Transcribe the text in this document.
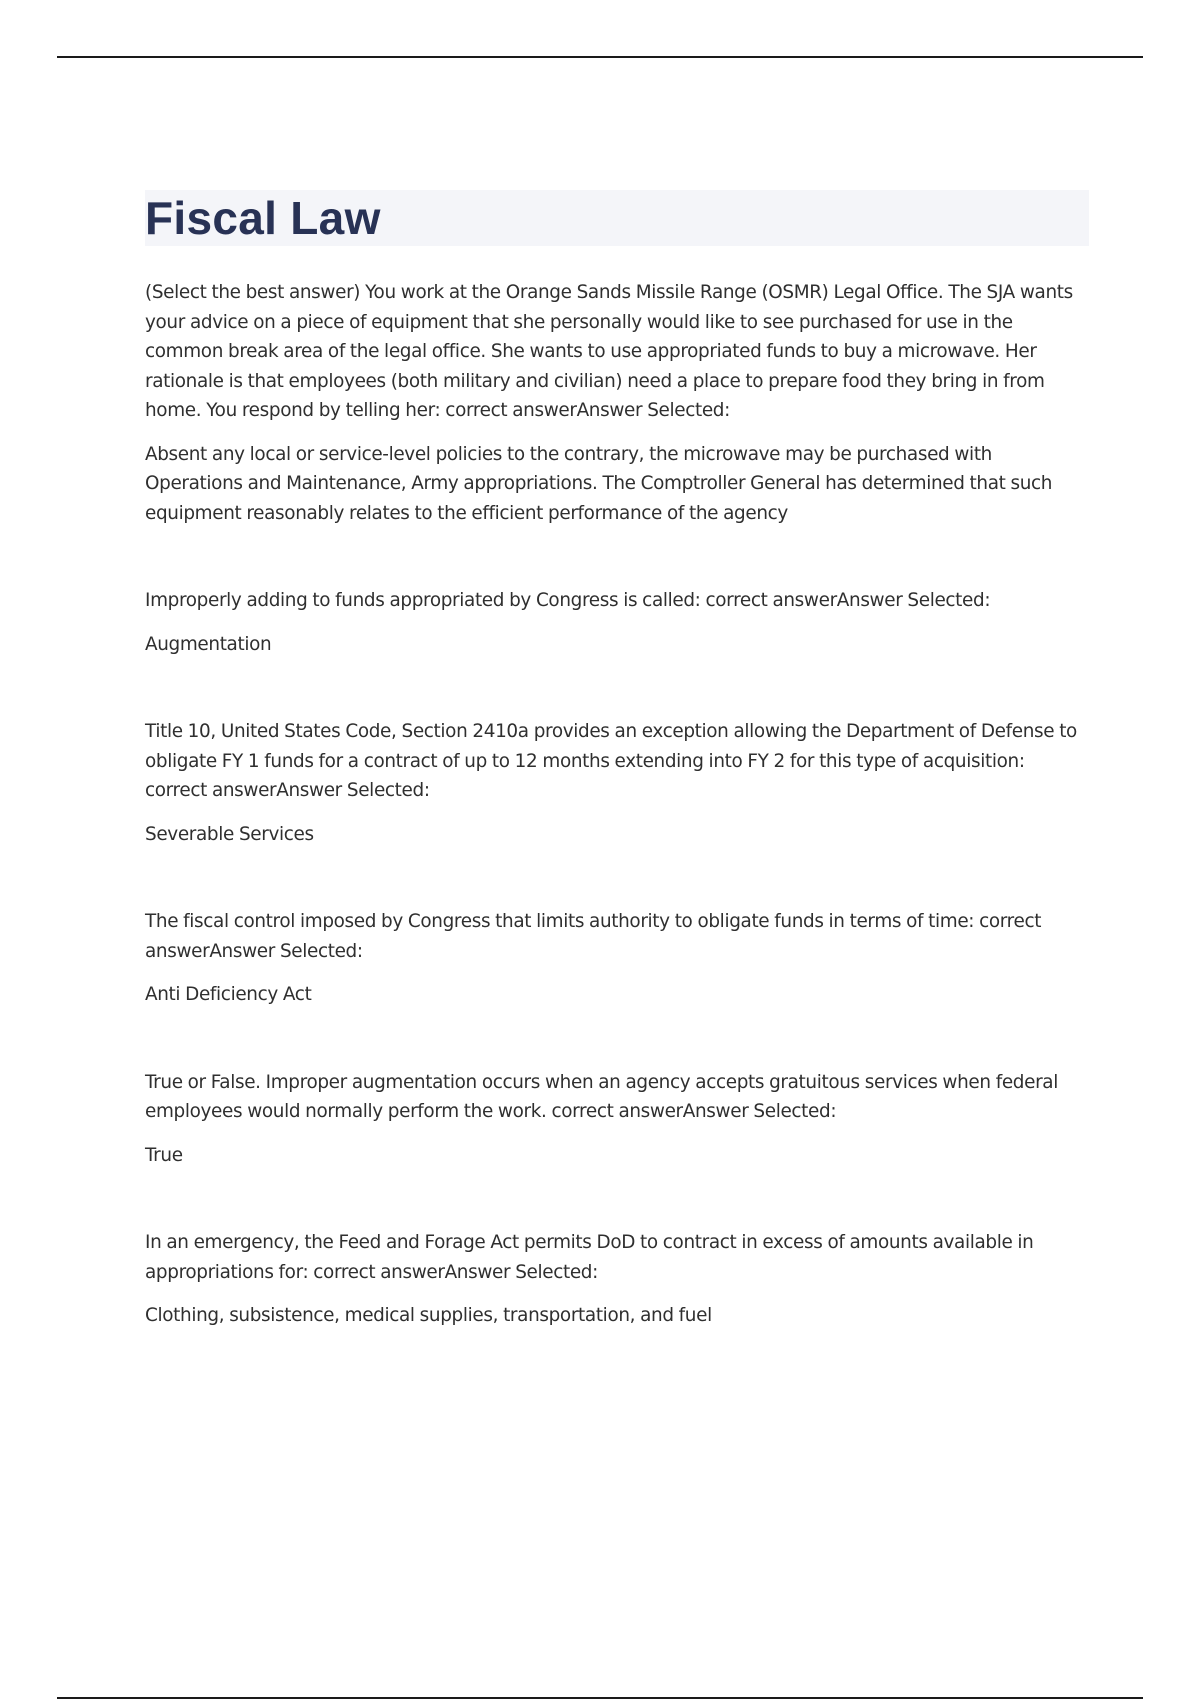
Fiscal Law

(Select the best answer) You work at the Orange Sands Missile Range (OSMR) Legal Office. The SJA wants your advice on a piece of equipment that she personally would like to see purchased for use in the common break area of the legal office. She wants to use appropriated funds to buy a microwave. Her rationale is that employees (both military and civilian) need a place to prepare food they bring in from home. You respond by telling her: correct answerAnswer Selected:

Absent any local or service-level policies to the contrary, the microwave may be purchased with Operations and Maintenance, Army appropriations. The Comptroller General has determined that such equipment reasonably relates to the efficient performance of the agency

Improperly adding to funds appropriated by Congress is called: correct answerAnswer Selected:

Augmentation

Title 10, United States Code, Section 2410a provides an exception allowing the Department of Defense to obligate FY 1 funds for a contract of up to 12 months extending into FY 2 for this type of acquisition: correct answerAnswer Selected:

Severable Services

The fiscal control imposed by Congress that limits authority to obligate funds in terms of time: correct answerAnswer Selected:

Anti Deficiency Act

True or False. Improper augmentation occurs when an agency accepts gratuitous services when federal employees would normally perform the work. correct answerAnswer Selected:

True

In an emergency, the Feed and Forage Act permits DoD to contract in excess of amounts available in appropriations for: correct answerAnswer Selected:

Clothing, subsistence, medical supplies, transportation, and fuel
